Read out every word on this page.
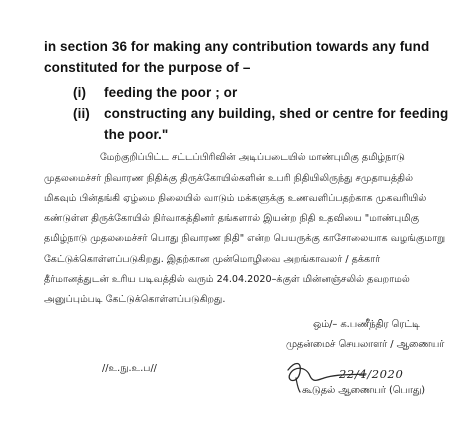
in section 36 for making any contribution towards any fund
constituted for the purpose of –
(i) feeding the poor ; or
(ii) constructing any building, shed or centre for feeding
the poor."
மேற்குறிப்பிட்ட சட்டப்பிரிவின் அடிப்படையில் மாண்புமிகு தமிழ்நாடு
முதலமைச்சர் நிவாரண நிதிக்கு திருக்கோயில்களின் உபரி நிதியிலிருந்து சமுதாயத்தில்
மிகவும் பின்தங்கி ஏழ்மை நிலையில் வாடும் மக்களுக்கு உணவளிப்பதற்காக முகவரியில்
கண்டுள்ள திருக்கோயில் நிர்வாகத்தினர் தங்களால் இயன்ற நிதி உதவியை "மாண்புமிகு
தமிழ்நாடு முதலமைச்சர் பொது நிவாரண நிதி" என்ற பெயருக்கு காசோலையாக வழங்குமாறு
கேட்டுக்கொள்ளப்படுகிறது. இதற்கான முன்மொழிவை அறங்காவலர் / தக்கார்
தீர்மானத்துடன் உரிய படிவத்தில் வரும் 24.04.2020–க்குள் மின்னஞ்சலில் தவறாமல்
அனுப்பும்படி கேட்டுக்கொள்ளப்படுகிறது.
ஒம்/– க.பணீந்திர ரெட்டி
முதன்மைச் செயலாளர் / ஆணையர்
//உ.நு.உ.ப//	22/4/2020
கூடுதல் ஆணையர் (பொது)
